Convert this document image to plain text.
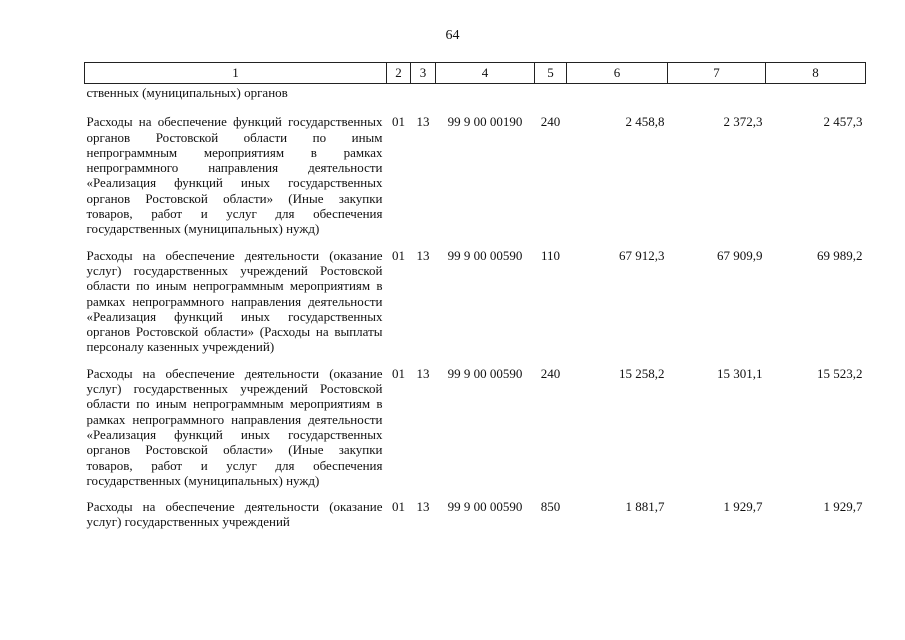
64
1	2	3	4	5	6	7	8
ственных (муниципальных) органов							
Расходы на обеспечение функций государственных органов Ростовской области по иным непрограммным мероприятиям в рамках непрограммного направления деятельности «Реализация функций иных государственных органов Ростовской области» (Иные закупки товаров, работ и услуг для обеспечения государственных (муниципальных) нужд)	01	13	99 9 00 00190	240	2 458,8	2 372,3	2 457,3
Расходы на обеспечение деятельности (оказание услуг) государственных учреждений Ростовской области по иным непрограммным мероприятиям в рамках непрограммного направления деятельности «Реализация функций иных государственных органов Ростовской области» (Расходы на выплаты персоналу казенных учреждений)	01	13	99 9 00 00590	110	67 912,3	67 909,9	69 989,2
Расходы на обеспечение деятельности (оказание услуг) государственных учреждений Ростовской области по иным непрограммным мероприятиям в рамках непрограммного направления деятельности «Реализация функций иных государственных органов Ростовской области» (Иные закупки товаров, работ и услуг для обеспечения государственных (муниципальных) нужд)	01	13	99 9 00 00590	240	15 258,2	15 301,1	15 523,2
Расходы на обеспечение деятельности (оказание услуг) государственных учреждений	01	13	99 9 00 00590	850	1 881,7	1 929,7	1 929,7
